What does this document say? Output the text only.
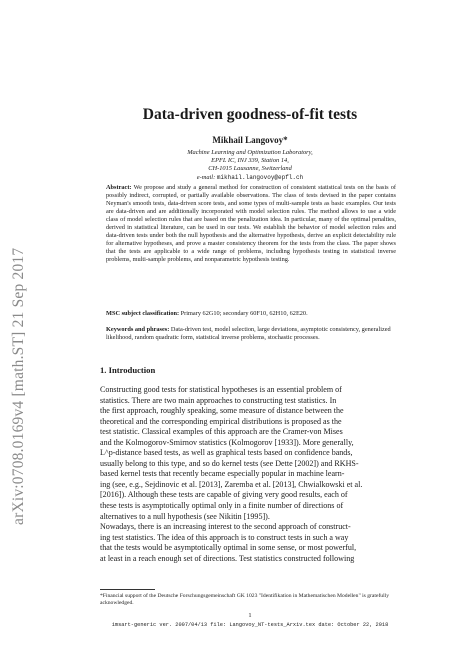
arXiv:0708.0169v4 [math.ST] 21 Sep 2017
Data-driven goodness-of-fit tests
Mikhail Langovoy*
Machine Learning and Optimization Laboratory,
EPFL IC, INJ 339, Station 14,
CH-1015 Lausanne, Switzerland
e-mail: mikhail.langovoy@epfl.ch
Abstract: We propose and study a general method for construction of consistent statistical tests on the basis of possibly indirect, corrupted, or partially available observations. The class of tests devised in the paper contains Neyman's smooth tests, data-driven score tests, and some types of multi-sample tests as basic examples. Our tests are data-driven and are additionally incorporated with model selection rules. The method allows to use a wide class of model selection rules that are based on the penalization idea. In particular, many of the optimal penalties, derived in statistical literature, can be used in our tests. We establish the behavior of model selection rules and data-driven tests under both the null hypothesis and the alternative hypothesis, derive an explicit detectability rule for alternative hypotheses, and prove a master consistency theorem for the tests from the class. The paper shows that the tests are applicable to a wide range of problems, including hypothesis testing in statistical inverse problems, multi-sample problems, and nonparametric hypothesis testing.
MSC subject classification: Primary 62G10; secondary 60F10, 62H10, 62E20.
Keywords and phrases: Data-driven test, model selection, large deviations, asymptotic consistency, generalized likelihood, random quadratic form, statistical inverse problems, stochastic processes.
1. Introduction
Constructing good tests for statistical hypotheses is an essential problem of
statistics. There are two main approaches to constructing test statistics. In
the first approach, roughly speaking, some measure of distance between the
theoretical and the corresponding empirical distributions is proposed as the
test statistic. Classical examples of this approach are the Cramer-von Mises
and the Kolmogorov-Smirnov statistics (Kolmogorov [1933]). More generally,
L^p-distance based tests, as well as graphical tests based on confidence bands,
usually belong to this type, and so do kernel tests (see Dette [2002]) and RKHS-
based kernel tests that recently became especially popular in machine learn-
ing (see, e.g., Sejdinovic et al. [2013], Zaremba et al. [2013], Chwialkowski et al.
[2016]). Although these tests are capable of giving very good results, each of
these tests is asymptotically optimal only in a finite number of directions of
alternatives to a null hypothesis (see Nikitin [1995]).
Nowadays, there is an increasing interest to the second approach of construct-
ing test statistics. The idea of this approach is to construct tests in such a way
that the tests would be asymptotically optimal in some sense, or most powerful,
at least in a reach enough set of directions. Test statistics constructed following
*Financial support of the Deutsche Forschungsgemeinschaft GK 1023 "Identifikation in Mathematischen Modellen" is gratefully acknowledged.
1
imsart-generic ver. 2007/04/13 file: Langovoy_NT-tests_Arxiv.tex date: October 22, 2018
